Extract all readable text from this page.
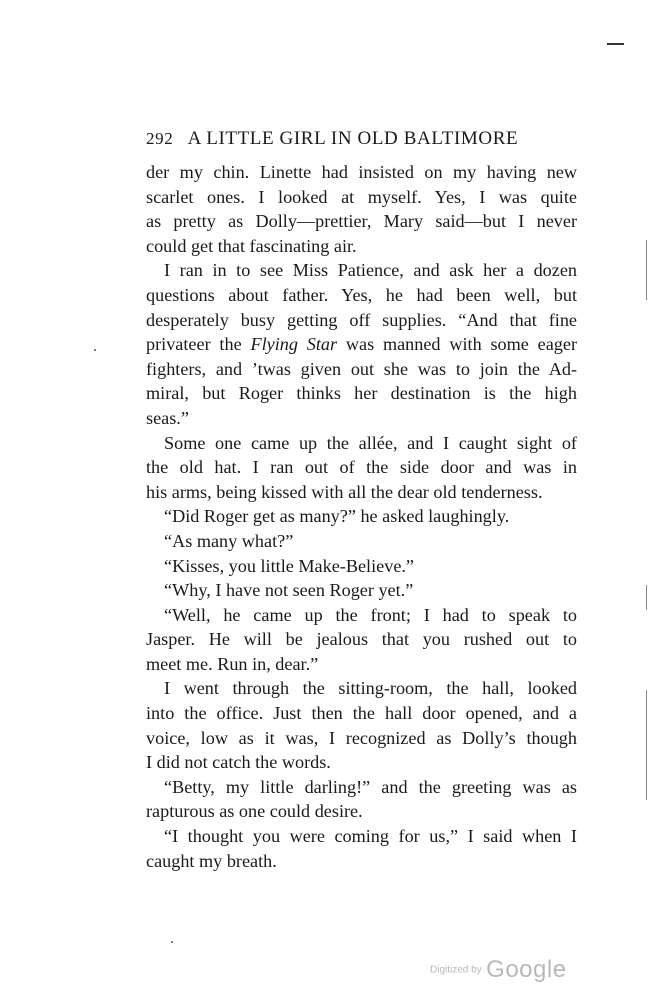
292 A LITTLE GIRL IN OLD BALTIMORE

der my chin. Linette had insisted on my having new

scarlet ones. I looked at myself. Yes, I was quite

as pretty as Dolly—prettier, Mary said—but I never

could get that fascinating air.

I ran in to see Miss Patience, and ask her a dozen

questions about father. Yes, he had been well, but

desperately busy getting off supplies. “And that fine

privateer the Flying Star was manned with some eager

fighters, and ’twas given out she was to join the Ad-

miral, but Roger thinks her destination is the high

seas.”

Some one came up the allée, and I caught sight of

the old hat. I ran out of the side door and was in

his arms, being kissed with all the dear old tenderness.

“Did Roger get as many?” he asked laughingly.

“As many what?”

“Kisses, you little Make-Believe.”

“Why, I have not seen Roger yet.”

“Well, he came up the front; I had to speak to

Jasper. He will be jealous that you rushed out to

meet me. Run in, dear.”

I went through the sitting-room, the hall, looked

into the office. Just then the hall door opened, and a

voice, low as it was, I recognized as Dolly’s though

I did not catch the words.

“Betty, my little darling!” and the greeting was as

rapturous as one could desire.

“I thought you were coming for us,” I said when I

caught my breath.

Digitized by Google
